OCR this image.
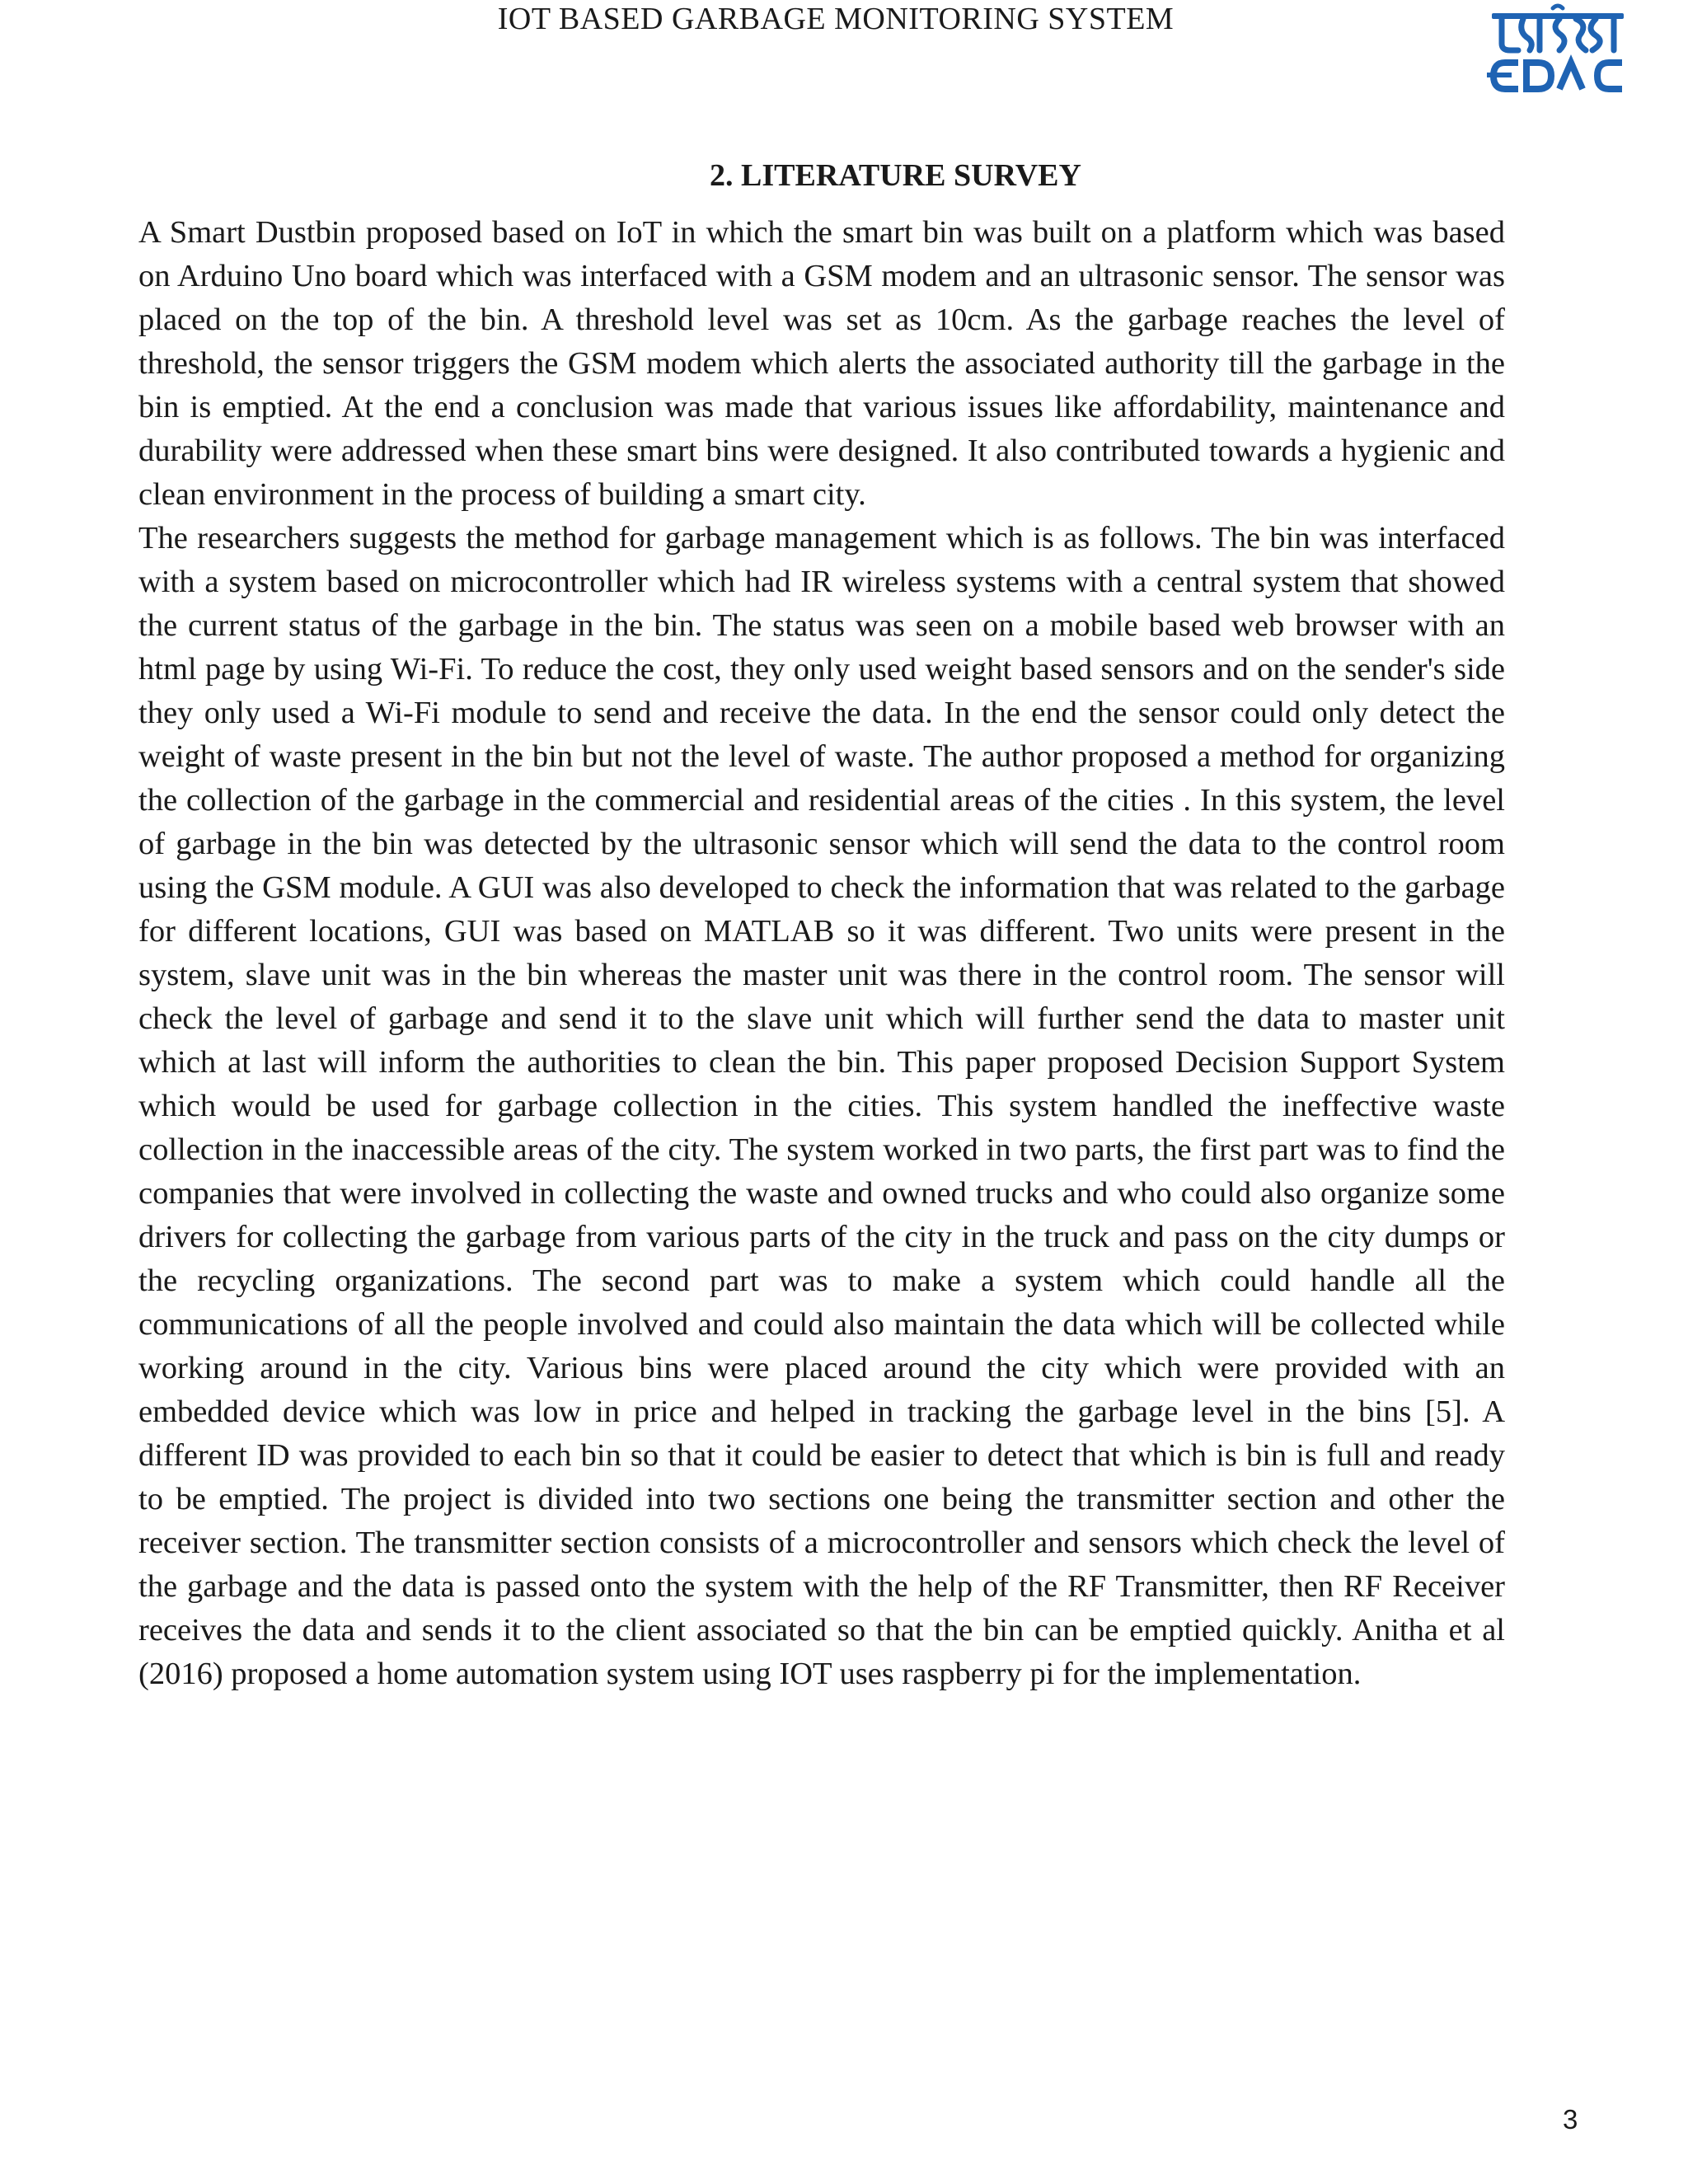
IOT BASED GARBAGE MONITORING SYSTEM
2. LITERATURE SURVEY

A Smart Dustbin proposed based on IoT in which the smart bin was built on a platform which was based on Arduino Uno board which was interfaced with a GSM modem and an ultrasonic sensor. The sensor was placed on the top of the bin. A threshold level was set as 10cm. As the garbage reaches the level of threshold, the sensor triggers the GSM modem which alerts the associated authority till the garbage in the bin is emptied. At the end a conclusion was made that various issues like affordability, maintenance and durability were addressed when these smart bins were designed. It also contributed towards a hygienic and clean environment in the process of building a smart city.

The researchers suggests the method for garbage management which is as follows. The bin was interfaced with a system based on microcontroller which had IR wireless systems with a central system that showed the current status of the garbage in the bin. The status was seen on a mobile based web browser with an html page by using Wi-Fi. To reduce the cost, they only used weight based sensors and on the sender's side they only used a Wi-Fi module to send and receive the data. In the end the sensor could only detect the weight of waste present in the bin but not the level of waste. The author proposed a method for organizing the collection of the garbage in the commercial and residential areas of the cities . In this system, the level of garbage in the bin was detected by the ultrasonic sensor which will send the data to the control room using the GSM module. A GUI was also developed to check the information that was related to the garbage for different locations, GUI was based on MATLAB so it was different. Two units were present in the system, slave unit was in the bin whereas the master unit was there in the control room. The sensor will check the level of garbage and send it to the slave unit which will further send the data to master unit which at last will inform the authorities to clean the bin. This paper proposed Decision Support System which would be used for garbage collection in the cities. This system handled the ineffective waste collection in the inaccessible areas of the city. The system worked in two parts, the first part was to find the companies that were involved in collecting the waste and owned trucks and who could also organize some drivers for collecting the garbage from various parts of the city in the truck and pass on the city dumps or the recycling organizations. The second part was to make a system which could handle all the communications of all the people involved and could also maintain the data which will be collected while working around in the city. Various bins were placed around the city which were provided with an embedded device which was low in price and helped in tracking the garbage level in the bins [5]. A different ID was provided to each bin so that it could be easier to detect that which is bin is full and ready to be emptied. The project is divided into two sections one being the transmitter section and other the receiver section. The transmitter section consists of a microcontroller and sensors which check the level of the garbage and the data is passed onto the system with the help of the RF Transmitter, then RF Receiver receives the data and sends it to the client associated so that the bin can be emptied quickly. Anitha et al (2016) proposed a home automation system using IOT uses raspberry pi for the implementation.

3
